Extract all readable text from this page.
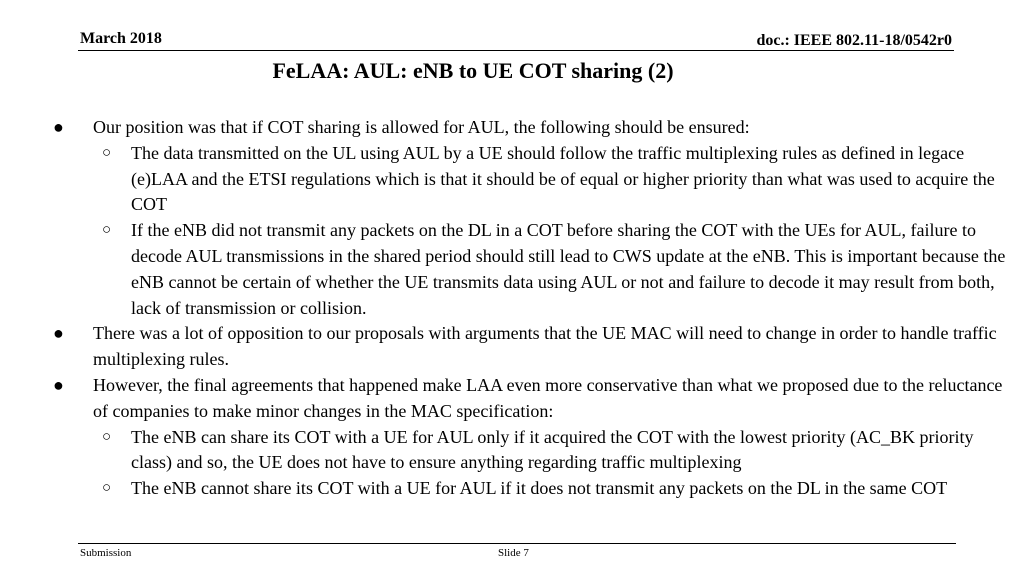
March 2018	doc.: IEEE 802.11-18/0542r0
FeLAA: AUL: eNB to UE COT sharing (2)
● Our position was that if COT sharing is allowed for AUL, the following should be ensured:
○ The data transmitted on the UL using AUL by a UE should follow the traffic multiplexing rules as defined in legace (e)LAA and the ETSI regulations which is that it should be of equal or higher priority than what was used to acquire the COT
○ If the eNB did not transmit any packets on the DL in a COT before sharing the COT with the UEs for AUL, failure to decode AUL transmissions in the shared period should still lead to CWS update at the eNB. This is important because the eNB cannot be certain of whether the UE transmits data using AUL or not and failure to decode it may result from both, lack of transmission or collision.
● There was a lot of opposition to our proposals with arguments that the UE MAC will need to change in order to handle traffic multiplexing rules.
● However, the final agreements that happened make LAA even more conservative than what we proposed due to the reluctance of companies to make minor changes in the MAC specification:
○ The eNB can share its COT with a UE for AUL only if it acquired the COT with the lowest priority (AC_BK priority class) and so, the UE does not have to ensure anything regarding traffic multiplexing
○ The eNB cannot share its COT with a UE for AUL if it does not transmit any packets on the DL in the same COT
Submission	Slide 7
